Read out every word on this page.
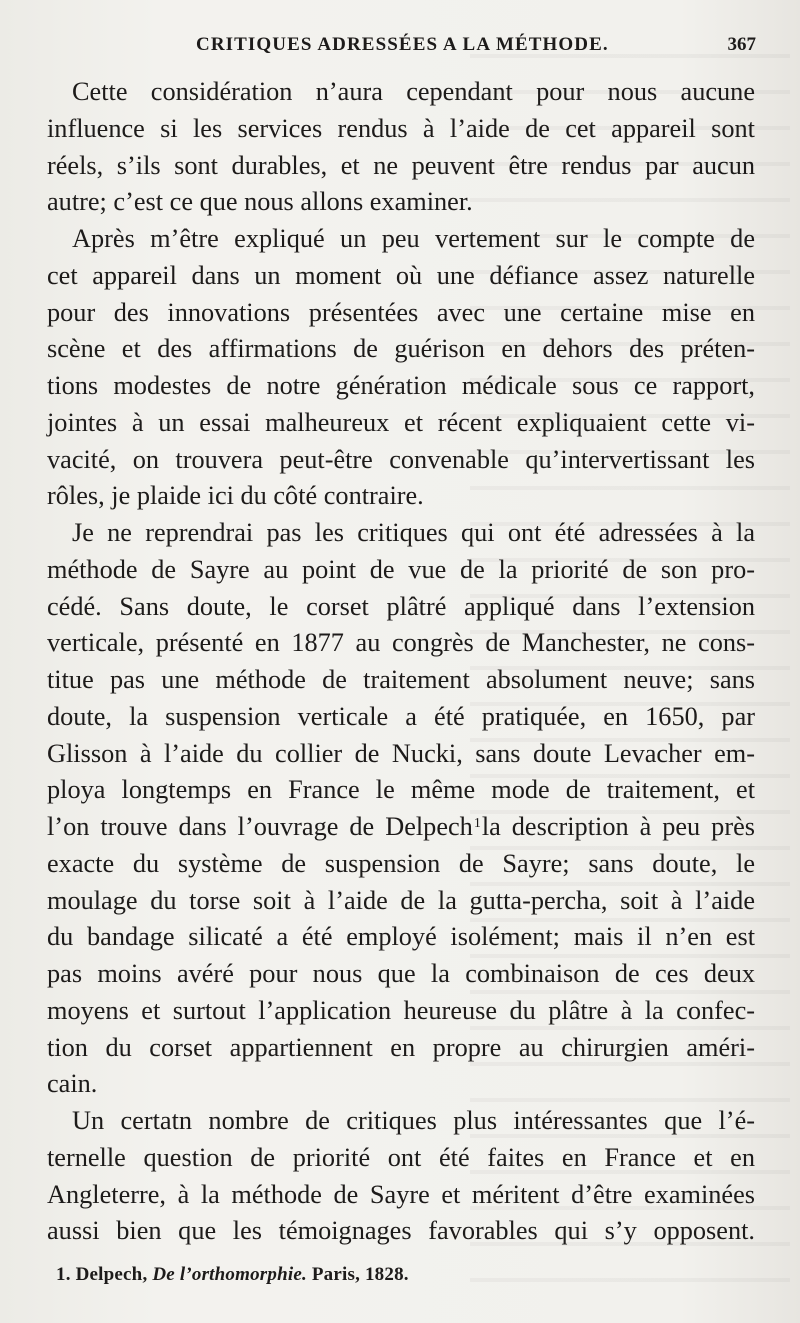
CRITIQUES ADRESSÉES A LA MÉTHODE.	367
Cette considération n’aura cependant pour nous aucune
influence si les services rendus à l’aide de cet appareil sont
réels, s’ils sont durables, et ne peuvent être rendus par aucun
autre; c’est ce que nous allons examiner.
Après m’être expliqué un peu vertement sur le compte de
cet appareil dans un moment où une défiance assez naturelle
pour des innovations présentées avec une certaine mise en
scène et des affirmations de guérison en dehors des préten-
tions modestes de notre génération médicale sous ce rapport,
jointes à un essai malheureux et récent expliquaient cette vi-
vacité, on trouvera peut-être convenable qu’intervertissant les
rôles, je plaide ici du côté contraire.
Je ne reprendrai pas les critiques qui ont été adressées à la
méthode de Sayre au point de vue de la priorité de son pro-
cédé. Sans doute, le corset plâtré appliqué dans l’extension
verticale, présenté en 1877 au congrès de Manchester, ne cons-
titue pas une méthode de traitement absolument neuve; sans
doute, la suspension verticale a été pratiquée, en 1650, par
Glisson à l’aide du collier de Nucki, sans doute Levacher em-
ploya longtemps en France le même mode de traitement, et
l’on trouve dans l’ouvrage de Delpech1la description à peu près
exacte du système de suspension de Sayre; sans doute, le
moulage du torse soit à l’aide de la gutta-percha, soit à l’aide
du bandage silicaté a été employé isolément; mais il n’en est
pas moins avéré pour nous que la combinaison de ces deux
moyens et surtout l’application heureuse du plâtre à la confec-
tion du corset appartiennent en propre au chirurgien améri-
cain.
Un certatn nombre de critiques plus intéressantes que l’é-
ternelle question de priorité ont été faites en France et en
Angleterre, à la méthode de Sayre et méritent d’être examinées
aussi bien que les témoignages favorables qui s’y opposent.
1. Delpech, De l’orthomorphie. Paris, 1828.
